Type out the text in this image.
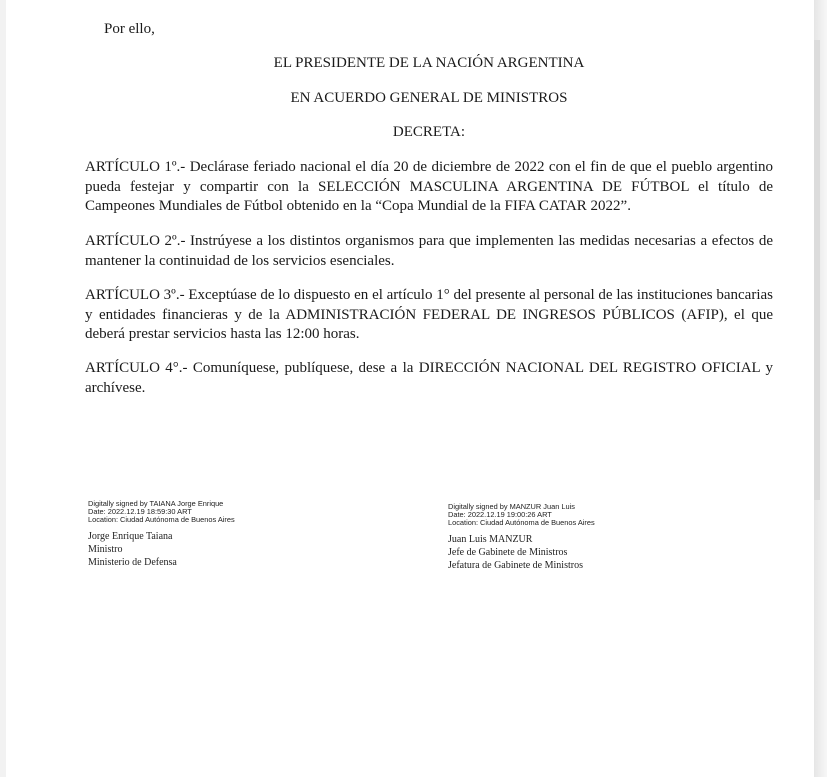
Por ello,
EL PRESIDENTE DE LA NACIÓN ARGENTINA
EN ACUERDO GENERAL DE MINISTROS
DECRETA:
ARTÍCULO 1º.- Declárase feriado nacional el día 20 de diciembre de 2022 con el fin de que el pueblo argentino pueda festejar y compartir con la SELECCIÓN MASCULINA ARGENTINA DE FÚTBOL el título de Campeones Mundiales de Fútbol obtenido en la “Copa Mundial de la FIFA CATAR 2022”.
ARTÍCULO 2º.- Instrúyese a los distintos organismos para que implementen las medidas necesarias a efectos de mantener la continuidad de los servicios esenciales.
ARTÍCULO 3º.- Exceptúase de lo dispuesto en el artículo 1° del presente al personal de las instituciones bancarias y entidades financieras y de la ADMINISTRACIÓN FEDERAL DE INGRESOS PÚBLICOS (AFIP), el que deberá prestar servicios hasta las 12:00 horas.
ARTÍCULO 4°.- Comuníquese, publíquese, dese a la DIRECCIÓN NACIONAL DEL REGISTRO OFICIAL y archívese.
Digitally signed by TAIANA Jorge Enrique
Date: 2022.12.19 18:59:30 ART
Location: Ciudad Autónoma de Buenos Aires
Jorge Enrique Taiana
Ministro
Ministerio de Defensa
Digitally signed by MANZUR Juan Luis
Date: 2022.12.19 19:00:26 ART
Location: Ciudad Autónoma de Buenos Aires
Juan Luis MANZUR
Jefe de Gabinete de Ministros
Jefatura de Gabinete de Ministros
